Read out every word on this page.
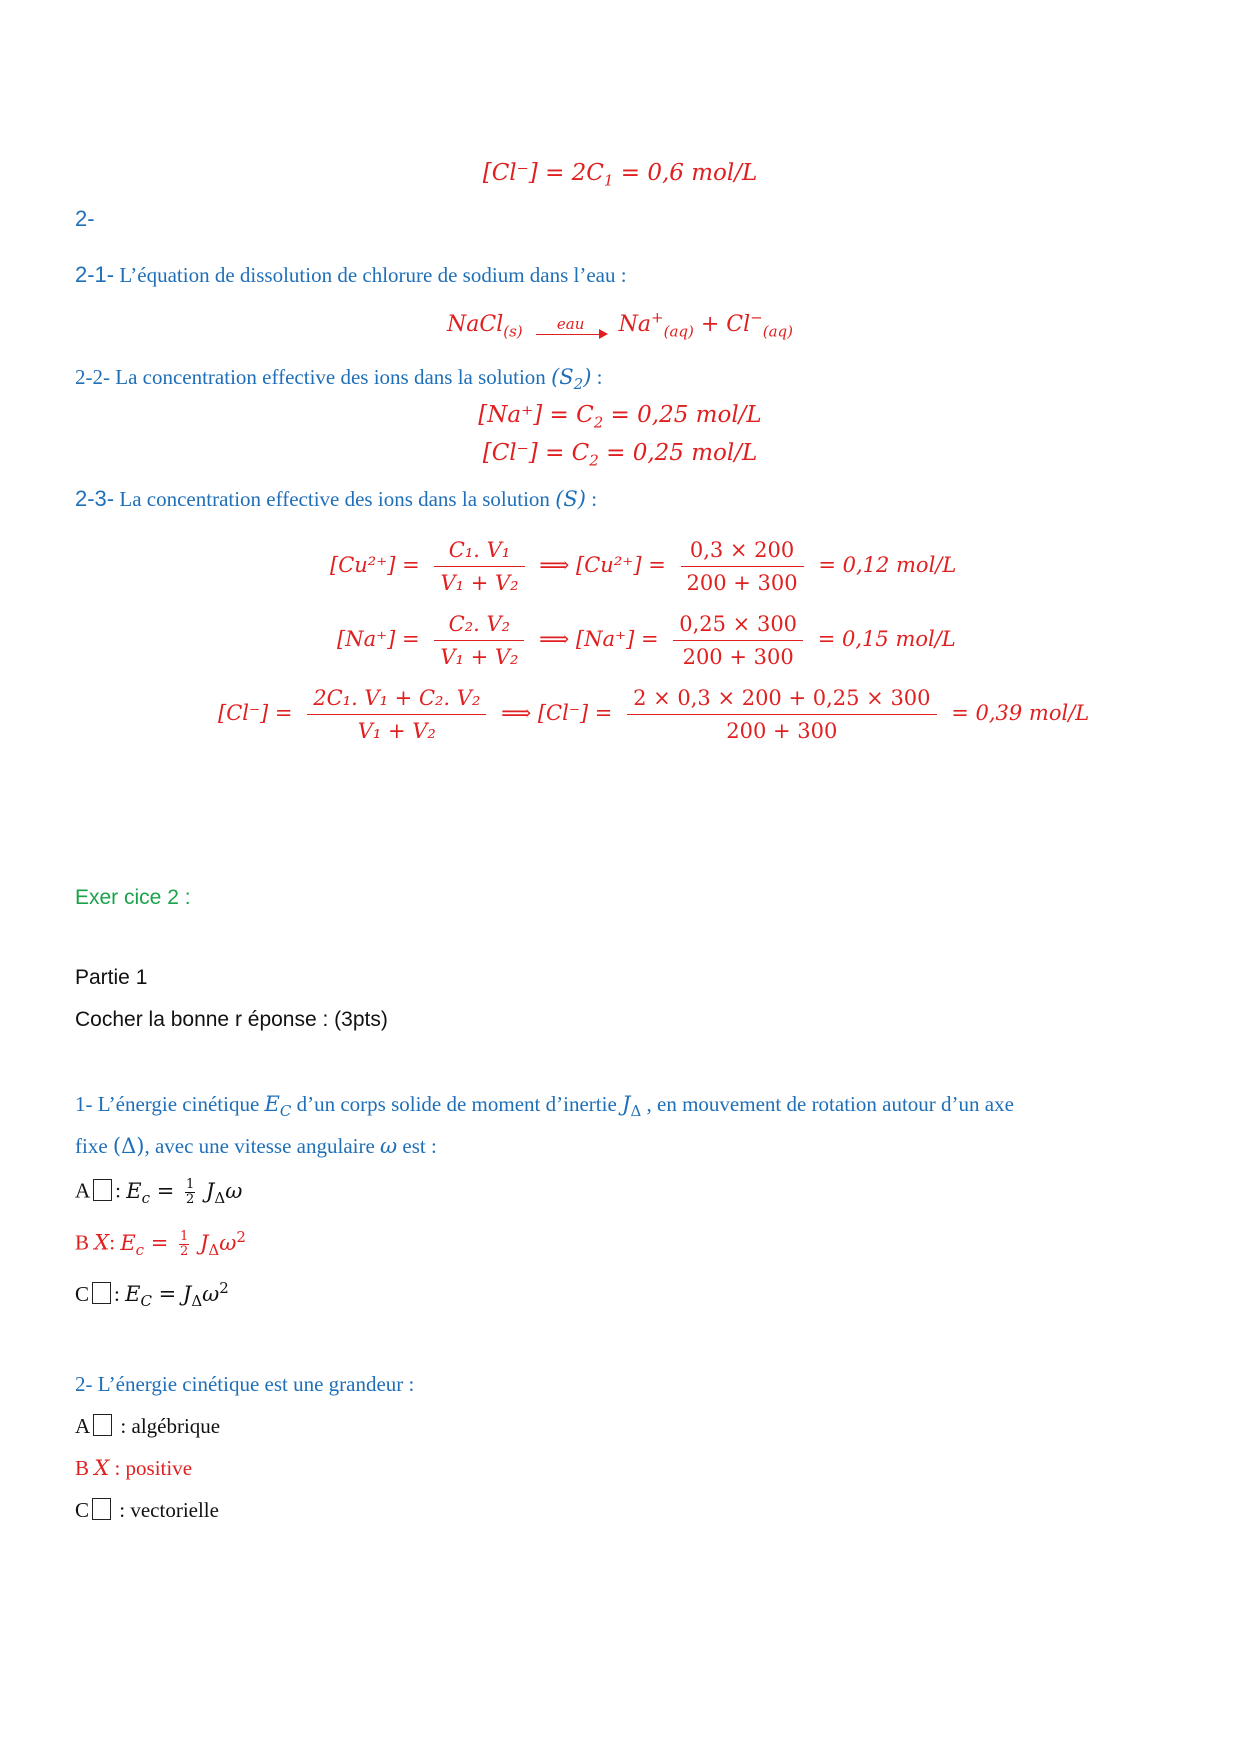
$[Cl^-] = 2C_1 = 0,6$ mol/L
2-
2-1- L’équation de dissolution de chlorure de sodium dans l’eau :
NaCl$_{(s)}$	eau	$Na^+_{(aq)} + Cl^-_{(aq)}$
2-2- La concentration effective des ions dans la solution $(S_2)$ :
$[Na^+] = C_2 = 0,25$ mol/L
$[Cl^-] = C_2 = 0,25$ mol/L
2-3- La concentration effective des ions dans la solution (S) :
$[Cu^{2+}] = \frac{\text{C₁. V₁}}{\text{V₁ + V₂}}$ ⟹ $[Cu^{2+}] = \frac{0,3 \times 200}{200 + 300} = 0,12$ mol/L
$[Na^+] = \frac{\text{C₂. V₂}}{\text{V₁ + V₂}}$ ⟹ $[Na^+] = \frac{0,25 \times 300}{200 + 300} = 0,15$ mol/L
$[Cl^-] = \frac{\text{2C₁. V₁ + C₂. V₂}}{\text{V₁ + V₂}}$ ⟹ $[Cl^-] = \frac{2 \times 0,3 \times 200 + 0,25 \times 300}{200 + 300} = 0,39$ mol/L
Exer cice 2 :
Partie 1
Cocher la bonne r éponse : (3pts)
1- L’énergie cinétique $E_C$ d’un corps solide de moment d’inertie $J_\Delta$ , en mouvement de rotation autour d’un axe
fixe (Δ), avec une vitesse angulaire ω est :
A : $E_c = \frac{1}{2} J_\Delta\omega$
B X: $E_c = \frac{1}{2} J_\Delta\omega^2$
C : $E_C = J_\Delta\omega^2$
2- L’énergie cinétique est une grandeur :
A : algébrique
B X : positive
C : vectorielle
